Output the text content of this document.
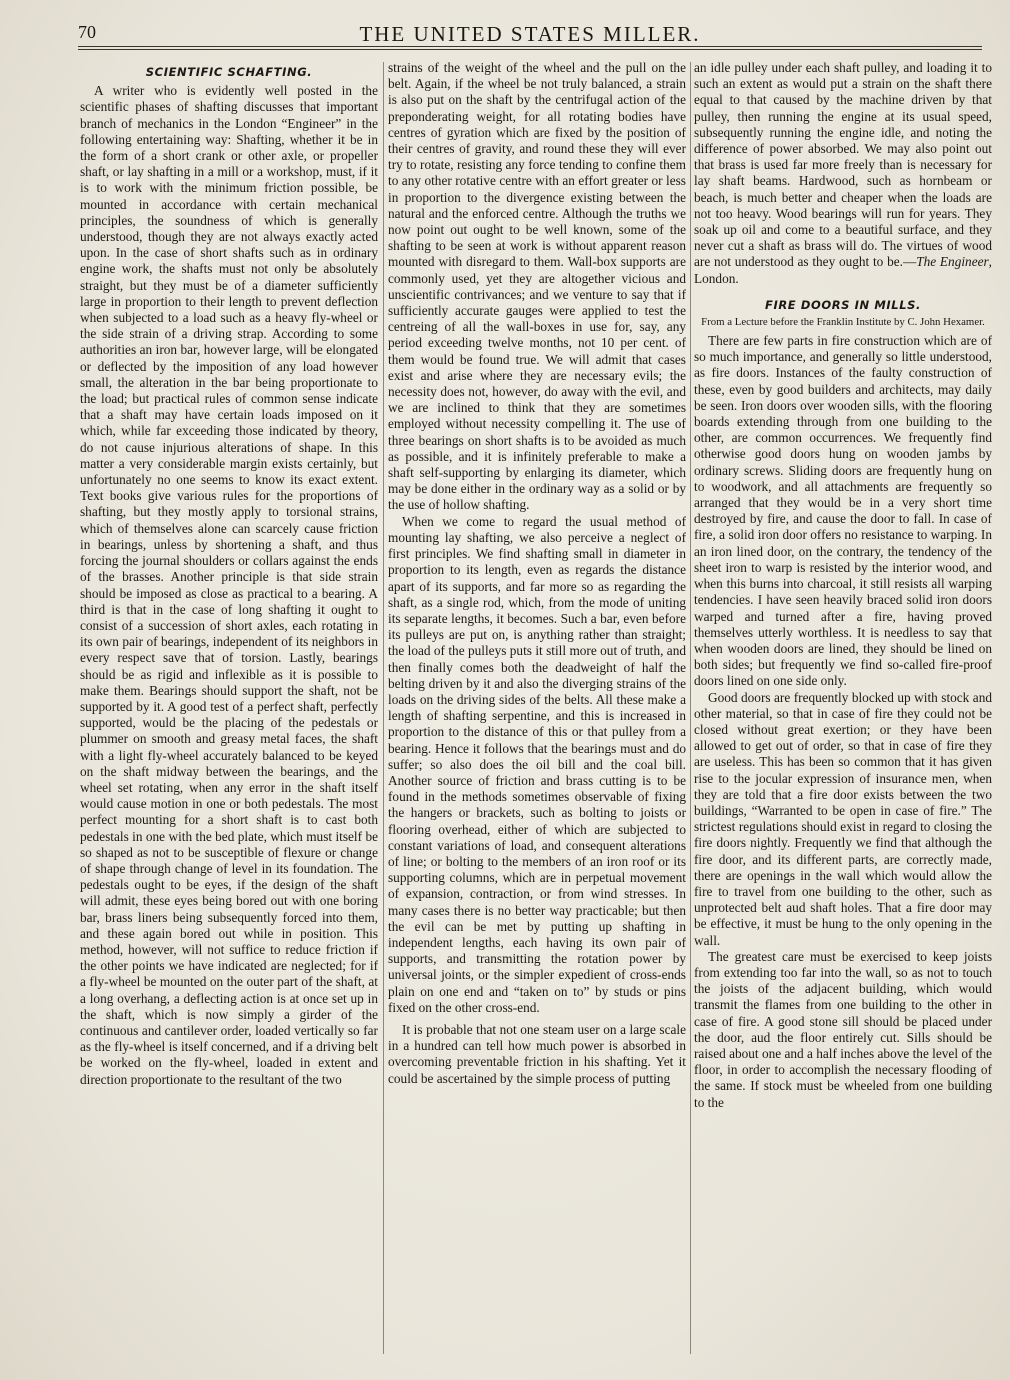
70	THE UNITED STATES MILLER.
SCIENTIFIC SCHAFTING.

A writer who is evidently well posted in the scientific phases of shafting discusses that important branch of mechanics in the London “Engineer” in the following entertaining way: Shafting, whether it be in the form of a short crank or other axle, or propeller shaft, or lay shafting in a mill or a workshop, must, if it is to work with the minimum friction possible, be mounted in accordance with certain mechanical principles, the soundness of which is generally understood, though they are not always exactly acted upon. In the case of short shafts such as in ordinary engine work, the shafts must not only be absolutely straight, but they must be of a diameter sufficiently large in proportion to their length to prevent deflection when subjected to a load such as a heavy fly-wheel or the side strain of a driving strap. According to some authorities an iron bar, however large, will be elongated or deflected by the imposition of any load however small, the alteration in the bar being proportionate to the load; but practical rules of common sense indicate that a shaft may have certain loads imposed on it which, while far exceeding those indicated by theory, do not cause injurious alterations of shape. In this matter a very considerable margin exists certainly, but unfortunately no one seems to know its exact extent. Text books give various rules for the proportions of shafting, but they mostly apply to torsional strains, which of themselves alone can scarcely cause friction in bearings, unless by shortening a shaft, and thus forcing the journal shoulders or collars against the ends of the brasses. Another principle is that side strain should be imposed as close as practical to a bearing. A third is that in the case of long shafting it ought to consist of a succession of short axles, each rotating in its own pair of bearings, independent of its neighbors in every respect save that of torsion. Lastly, bearings should be as rigid and inflexible as it is possible to make them. Bearings should support the shaft, not be supported by it. A good test of a perfect shaft, perfectly supported, would be the placing of the pedestals or plummer on smooth and greasy metal faces, the shaft with a light fly-wheel accurately balanced to be keyed on the shaft midway between the bearings, and the wheel set rotating, when any error in the shaft itself would cause motion in one or both pedestals. The most perfect mounting for a short shaft is to cast both pedestals in one with the bed plate, which must itself be so shaped as not to be susceptible of flexure or change of shape through change of level in its foundation. The pedestals ought to be eyes, if the design of the shaft will admit, these eyes being bored out with one boring bar, brass liners being subsequently forced into them, and these again bored out while in position. This method, however, will not suffice to reduce friction if the other points we have indicated are neglected; for if a fly-wheel be mounted on the outer part of the shaft, at a long overhang, a deflecting action is at once set up in the shaft, which is now simply a girder of the continuous and cantilever order, loaded vertically so far as the fly-wheel is itself concerned, and if a driving belt be worked on the fly-wheel, loaded in extent and direction proportionate to the resultant of the two

strains of the weight of the wheel and the pull on the belt. Again, if the wheel be not truly balanced, a strain is also put on the shaft by the centrifugal action of the preponderating weight, for all rotating bodies have centres of gyration which are fixed by the position of their centres of gravity, and round these they will ever try to rotate, resisting any force tending to confine them to any other rotative centre with an effort greater or less in proportion to the divergence existing between the natural and the enforced centre. Although the truths we now point out ought to be well known, some of the shafting to be seen at work is without apparent reason mounted with disregard to them. Wall-box supports are commonly used, yet they are altogether vicious and unscientific contrivances; and we venture to say that if sufficiently accurate gauges were applied to test the centreing of all the wall-boxes in use for, say, any period exceeding twelve months, not 10 per cent. of them would be found true. We will admit that cases exist and arise where they are necessary evils; the necessity does not, however, do away with the evil, and we are inclined to think that they are sometimes employed without necessity compelling it. The use of three bearings on short shafts is to be avoided as much as possible, and it is infinitely preferable to make a shaft self-supporting by enlarging its diameter, which may be done either in the ordinary way as a solid or by the use of hollow shafting.

When we come to regard the usual method of mounting lay shafting, we also perceive a neglect of first principles. We find shafting small in diameter in proportion to its length, even as regards the distance apart of its supports, and far more so as regarding the shaft, as a single rod, which, from the mode of uniting its separate lengths, it becomes. Such a bar, even before its pulleys are put on, is anything rather than straight; the load of the pulleys puts it still more out of truth, and then finally comes both the deadweight of half the belting driven by it and also the diverging strains of the loads on the driving sides of the belts. All these make a length of shafting serpentine, and this is increased in proportion to the distance of this or that pulley from a bearing. Hence it follows that the bearings must and do suffer; so also does the oil bill and the coal bill. Another source of friction and brass cutting is to be found in the methods sometimes observable of fixing the hangers or brackets, such as bolting to joists or flooring overhead, either of which are subjected to constant variations of load, and consequent alterations of line; or bolting to the members of an iron roof or its supporting columns, which are in perpetual movement of expansion, contraction, or from wind stresses. In many cases there is no better way practicable; but then the evil can be met by putting up shafting in independent lengths, each having its own pair of supports, and transmitting the rotation power by universal joints, or the simpler expedient of cross-ends plain on one end and “taken on to” by studs or pins fixed on the other cross-end.

It is probable that not one steam user on a large scale in a hundred can tell how much power is absorbed in overcoming preventable friction in his shafting. Yet it could be ascertained by the simple process of putting

an idle pulley under each shaft pulley, and loading it to such an extent as would put a strain on the shaft there equal to that caused by the machine driven by that pulley, then running the engine at its usual speed, subsequently running the engine idle, and noting the difference of power absorbed. We may also point out that brass is used far more freely than is necessary for lay shaft beams. Hardwood, such as hornbeam or beach, is much better and cheaper when the loads are not too heavy. Wood bearings will run for years. They soak up oil and come to a beautiful surface, and they never cut a shaft as brass will do. The virtues of wood are not understood as they ought to be.—The Engineer, London.

FIRE DOORS IN MILLS.
From a Lecture before the Franklin Institute by C. John Hexamer.

There are few parts in fire construction which are of so much importance, and generally so little understood, as fire doors. Instances of the faulty construction of these, even by good builders and architects, may daily be seen. Iron doors over wooden sills, with the flooring boards extending through from one building to the other, are common occurrences. We frequently find otherwise good doors hung on wooden jambs by ordinary screws. Sliding doors are frequently hung on to woodwork, and all attachments are frequently so arranged that they would be in a very short time destroyed by fire, and cause the door to fall. In case of fire, a solid iron door offers no resistance to warping. In an iron lined door, on the contrary, the tendency of the sheet iron to warp is resisted by the interior wood, and when this burns into charcoal, it still resists all warping tendencies. I have seen heavily braced solid iron doors warped and turned after a fire, having proved themselves utterly worthless. It is needless to say that when wooden doors are lined, they should be lined on both sides; but frequently we find so-called fire-proof doors lined on one side only.

Good doors are frequently blocked up with stock and other material, so that in case of fire they could not be closed without great exertion; or they have been allowed to get out of order, so that in case of fire they are useless. This has been so common that it has given rise to the jocular expression of insurance men, when they are told that a fire door exists between the two buildings, “Warranted to be open in case of fire.” The strictest regulations should exist in regard to closing the fire doors nightly. Frequently we find that although the fire door, and its different parts, are correctly made, there are openings in the wall which would allow the fire to travel from one building to the other, such as unprotected belt aud shaft holes. That a fire door may be effective, it must be hung to the only opening in the wall.

The greatest care must be exercised to keep joists from extending too far into the wall, so as not to touch the joists of the adjacent building, which would transmit the flames from one building to the other in case of fire. A good stone sill should be placed under the door, aud the floor entirely cut. Sills should be raised about one and a half inches above the level of the floor, in order to accomplish the necessary flooding of the same. If stock must be wheeled from one building to the
